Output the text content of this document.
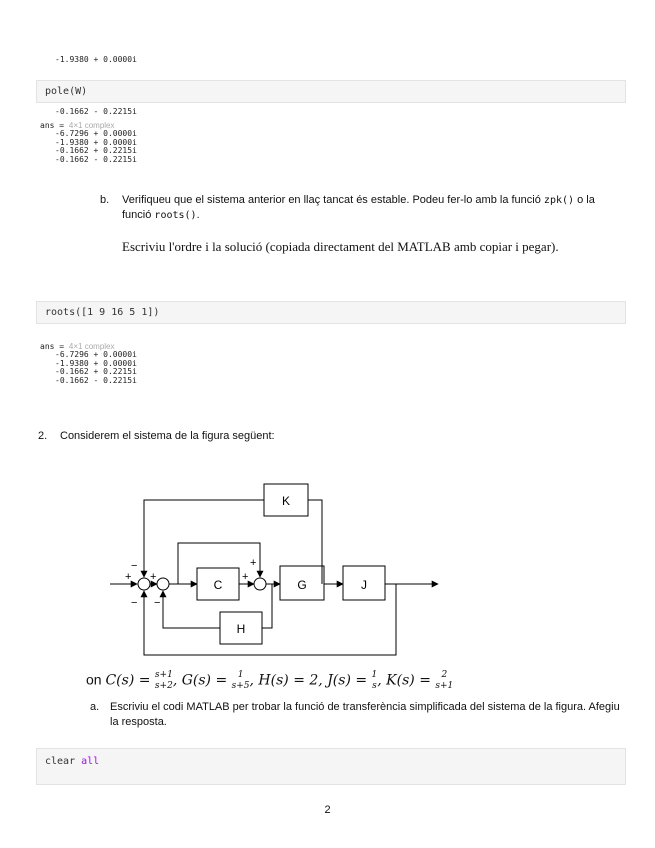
-1.9380 + 0.0000i

-0.1662 - 0.2215i

pole(W)

ans = 4×1 complex

-6.7296 + 0.0000i
-1.9380 + 0.0000i
-0.1662 + 0.2215i
-0.1662 - 0.2215i
b. Verifiqueu que el sistema anterior en llaç tancat és estable. Podeu fer-lo amb la funció zpk() o la funció roots().
Escriviu l'ordre i la solució (copiada directament del MATLAB amb copiar i pegar).
roots([1 9 16 5 1])

ans = 4×1 complex

-6.7296 + 0.0000i
-1.9380 + 0.0000i
-0.1662 + 0.2215i
-0.1662 - 0.2215i
2. Considerem el sistema de la figura següent:
K
C	G	J
H
+
−
−
+
−
+
+
on C(s) = s+1
s+2 , G(s) = 1
s+5 , H(s) = 2, J(s) = 1
s , K(s) = 2
s+1
a. Escriviu el codi MATLAB per trobar la funció de transferència simplificada del sistema de la figura. Afegiu la resposta.
clear all
2
